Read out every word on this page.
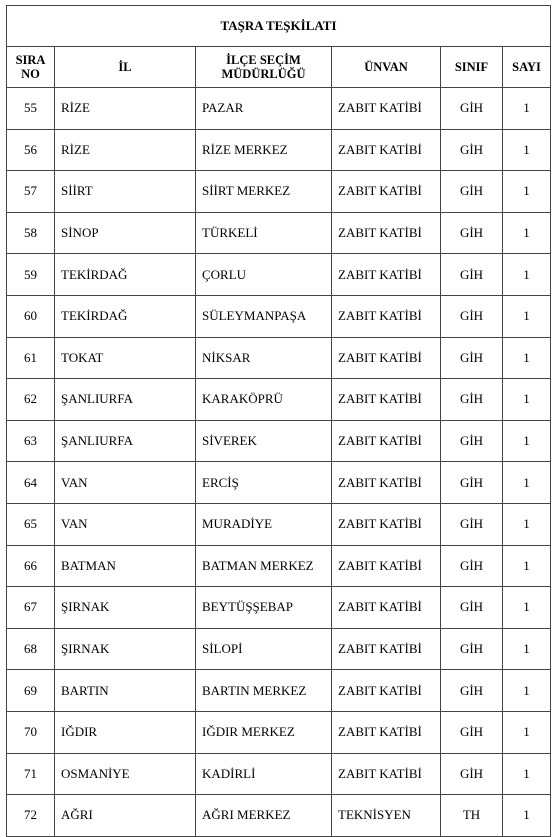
TAŞRA TEŞKİLATI					
SIRA NO	İL	İLÇE SEÇİM MÜDÜRLÜĞÜ	ÜNVAN	SINIF	SAYI
55	RİZE	PAZAR	ZABIT KATİBİ	GİH	1
56	RİZE	RİZE MERKEZ	ZABIT KATİBİ	GİH	1
57	SİİRT	SİİRT MERKEZ	ZABIT KATİBİ	GİH	1
58	SİNOP	TÜRKELİ	ZABIT KATİBİ	GİH	1
59	TEKİRDAĞ	ÇORLU	ZABIT KATİBİ	GİH	1
60	TEKİRDAĞ	SÜLEYMANPAŞA	ZABIT KATİBİ	GİH	1
61	TOKAT	NİKSAR	ZABIT KATİBİ	GİH	1
62	ŞANLIURFA	KARAKÖPRÜ	ZABIT KATİBİ	GİH	1
63	ŞANLIURFA	SİVEREK	ZABIT KATİBİ	GİH	1
64	VAN	ERCİŞ	ZABIT KATİBİ	GİH	1
65	VAN	MURADİYE	ZABIT KATİBİ	GİH	1
66	BATMAN	BATMAN MERKEZ	ZABIT KATİBİ	GİH	1
67	ŞIRNAK	BEYTÜŞŞEBAP	ZABIT KATİBİ	GİH	1
68	ŞIRNAK	SİLOPİ	ZABIT KATİBİ	GİH	1
69	BARTIN	BARTIN MERKEZ	ZABIT KATİBİ	GİH	1
70	IĞDIR	IĞDIR MERKEZ	ZABIT KATİBİ	GİH	1
71	OSMANİYE	KADİRLİ	ZABIT KATİBİ	GİH	1
72	AĞRI	AĞRI MERKEZ	TEKNİSYEN	TH	1
